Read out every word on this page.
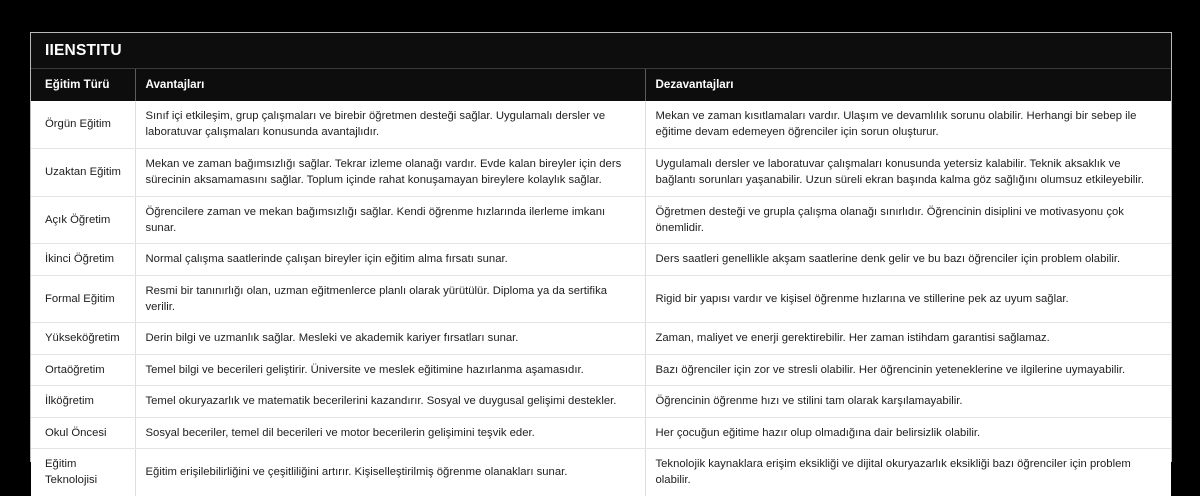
IIENSTITU
Eğitim Türü	Avantajları	Dezavantajları
Örgün Eğitim	Sınıf içi etkileşim, grup çalışmaları ve birebir öğretmen desteği sağlar. Uygulamalı dersler ve laboratuvar çalışmaları konusunda avantajlıdır.	Mekan ve zaman kısıtlamaları vardır. Ulaşım ve devamlılık sorunu olabilir. Herhangi bir sebep ile eğitime devam edemeyen öğrenciler için sorun oluşturur.
Uzaktan Eğitim	Mekan ve zaman bağımsızlığı sağlar. Tekrar izleme olanağı vardır. Evde kalan bireyler için ders sürecinin aksamamasını sağlar. Toplum içinde rahat konuşamayan bireylere kolaylık sağlar.	Uygulamalı dersler ve laboratuvar çalışmaları konusunda yetersiz kalabilir. Teknik aksaklık ve bağlantı sorunları yaşanabilir. Uzun süreli ekran başında kalma göz sağlığını olumsuz etkileyebilir.
Açık Öğretim	Öğrencilere zaman ve mekan bağımsızlığı sağlar. Kendi öğrenme hızlarında ilerleme imkanı sunar.	Öğretmen desteği ve grupla çalışma olanağı sınırlıdır. Öğrencinin disiplini ve motivasyonu çok önemlidir.
İkinci Öğretim	Normal çalışma saatlerinde çalışan bireyler için eğitim alma fırsatı sunar.	Ders saatleri genellikle akşam saatlerine denk gelir ve bu bazı öğrenciler için problem olabilir.
Formal Eğitim	Resmi bir tanınırlığı olan, uzman eğitmenlerce planlı olarak yürütülür. Diploma ya da sertifika verilir.	Rigid bir yapısı vardır ve kişisel öğrenme hızlarına ve stillerine pek az uyum sağlar.
Yükseköğretim	Derin bilgi ve uzmanlık sağlar. Mesleki ve akademik kariyer fırsatları sunar.	Zaman, maliyet ve enerji gerektirebilir. Her zaman istihdam garantisi sağlamaz.
Ortaöğretim	Temel bilgi ve becerileri geliştirir. Üniversite ve meslek eğitimine hazırlanma aşamasıdır.	Bazı öğrenciler için zor ve stresli olabilir. Her öğrencinin yeteneklerine ve ilgilerine uymayabilir.
İlköğretim	Temel okuryazarlık ve matematik becerilerini kazandırır. Sosyal ve duygusal gelişimi destekler.	Öğrencinin öğrenme hızı ve stilini tam olarak karşılamayabilir.
Okul Öncesi	Sosyal beceriler, temel dil becerileri ve motor becerilerin gelişimini teşvik eder.	Her çocuğun eğitime hazır olup olmadığına dair belirsizlik olabilir.
Eğitim Teknolojisi	Eğitim erişilebilirliğini ve çeşitliliğini artırır. Kişiselleştirilmiş öğrenme olanakları sunar.	Teknolojik kaynaklara erişim eksikliği ve dijital okuryazarlık eksikliği bazı öğrenciler için problem olabilir.
